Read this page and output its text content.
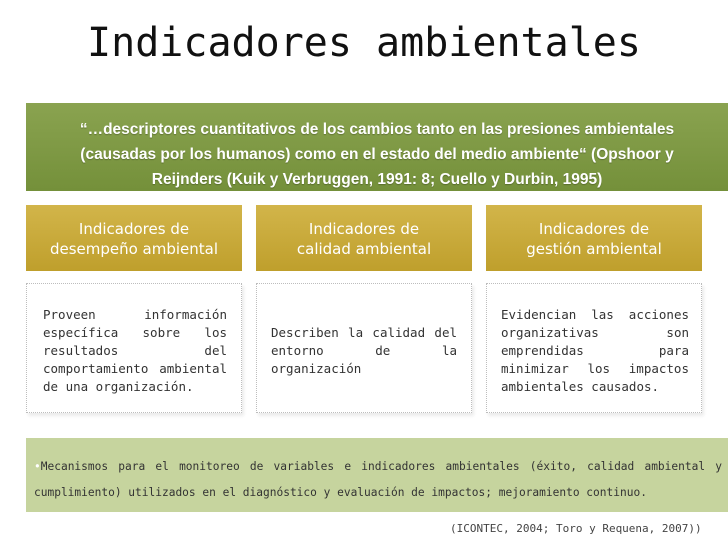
Indicadores ambientales
“…descriptores cuantitativos de los cambios tanto en las presiones ambientales (causadas por los humanos) como en el estado del medio ambiente“ (Opshoor y Reijnders (Kuik y Verbruggen, 1991: 8; Cuello y Durbin, 1995)
Indicadores de
desempeño ambiental
Indicadores de
calidad ambiental
Indicadores de
gestión ambiental

Proveen información específica sobre los resultados del comportamiento ambiental de una organización.

Describen la calidad del entorno de la organización

Evidencian las acciones organizativas son emprendidas para minimizar los impactos ambientales causados.

•Mecanismos para el monitoreo de variables e indicadores ambientales (éxito, calidad ambiental y cumplimiento) utilizados en el diagnóstico y evaluación de impactos; mejoramiento continuo.
(ICONTEC, 2004; Toro y Requena, 2007))
